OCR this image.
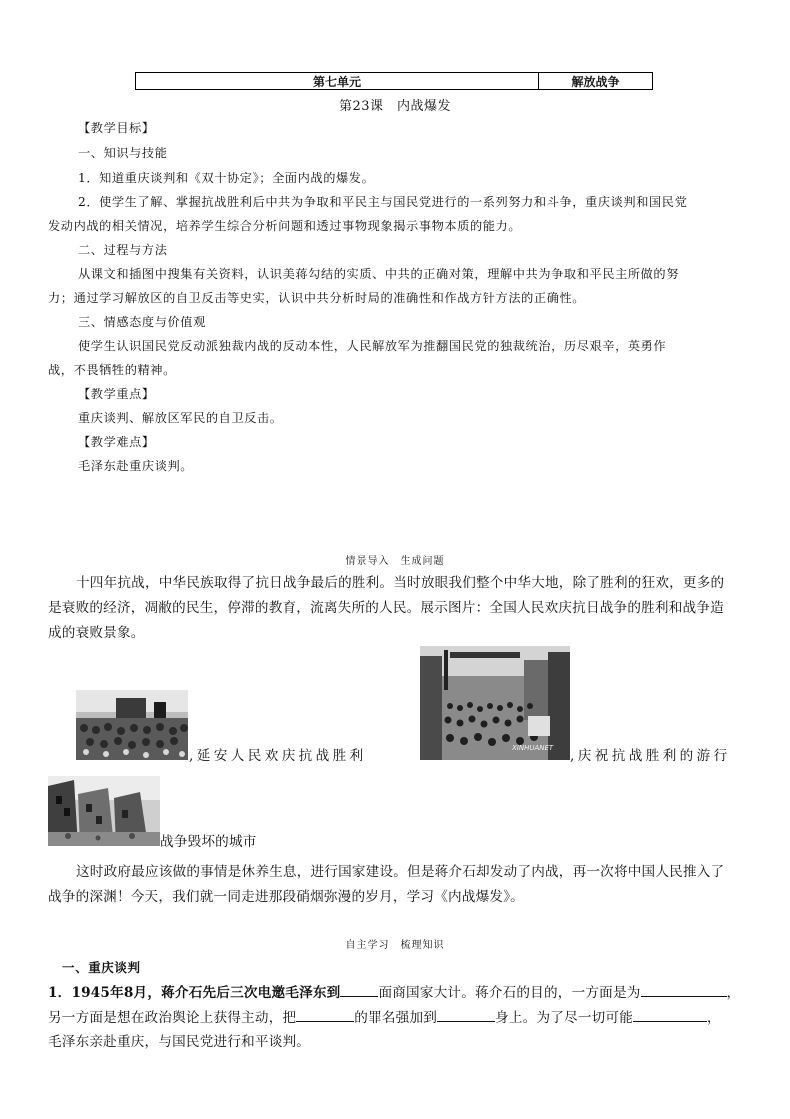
第七单元	解放战争
第23课　内战爆发
【教学目标】
一、知识与技能
1．知道重庆谈判和《双十协定》；全面内战的爆发。
2．使学生了解、掌握抗战胜利后中共为争取和平民主与国民党进行的一系列努力和斗争，重庆谈判和国民党
发动内战的相关情况，培养学生综合分析问题和透过事物现象揭示事物本质的能力。
二、过程与方法
从课文和插图中搜集有关资料，认识美蒋勾结的实质、中共的正确对策，理解中共为争取和平民主所做的努
力；通过学习解放区的自卫反击等史实，认识中共分析时局的准确性和作战方针方法的正确性。
三、情感态度与价值观
使学生认识国民党反动派独裁内战的反动本性，人民解放军为推翻国民党的独裁统治，历尽艰辛，英勇作
战，不畏牺牲的精神。
【教学重点】
重庆谈判、解放区军民的自卫反击。
【教学难点】
毛泽东赴重庆谈判。
情景导入　生成问题
十四年抗战，中华民族取得了抗日战争最后的胜利。当时放眼我们整个中华大地，除了胜利的狂欢，更多的
是衰败的经济，凋敝的民生，停滞的教育，流离失所的人民。展示图片：全国人民欢庆抗日战争的胜利和战争造
成的衰败景象。
,延安人民欢庆抗战胜利	XINHUANET ,庆祝抗战胜利的游行
战争毁坏的城市
这时政府最应该做的事情是休养生息，进行国家建设。但是蒋介石却发动了内战，再一次将中国人民推入了
战争的深渊！今天，我们就一同走进那段硝烟弥漫的岁月，学习《内战爆发》。
自主学习　梳理知识
一、重庆谈判
1．1945年8月，蒋介石先后三次电邀毛泽东到	面商国家大计。蒋介石的目的，一方面是为	，
另一方面是想在政治舆论上获得主动，把	的罪名强加到	身上。为了尽一切可能	，
毛泽东亲赴重庆，与国民党进行和平谈判。
